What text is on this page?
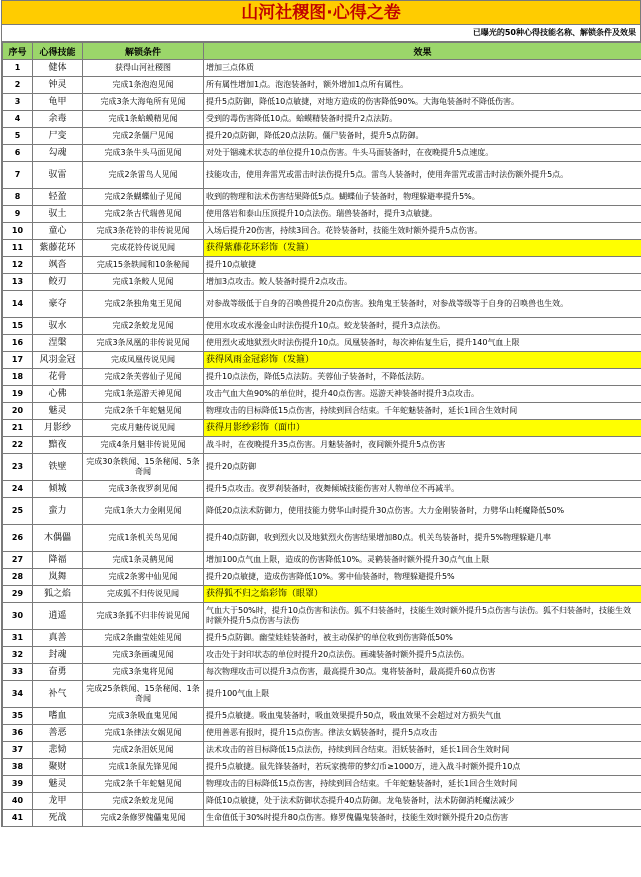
山河社稷图·心得之卷
已曝光的50种心得技能名称、解锁条件及效果
序号	心得技能	解锁条件	效果
1	健体	获得山河社稷图	增加三点体质
2	钟灵	完成1条泡泡见闻	所有属性增加1点。泡泡装备时，额外增加1点所有属性。
3	龟甲	完成3条大海龟所有见闻	提升5点防御，降低10点敏捷，对地方造成的伤害降低90%。大海龟装备时不降低伤害。
4	余毒	完成1条蛤蟆精见闻	受到的毒伤害降低10点。蛤蟆精装备时提升2点法防。
5	尸变	完成2条僵尸见闻	提升20点防御，降低20点法防。僵尸装备时，提升5点防御。
6	勾魂	完成3条牛头马面见闻	对处于锢魂术状态的单位提升10点伤害。牛头马面装备时，在夜晚提升5点速度。
7	驭雷	完成2条雷鸟人见闻	技能攻击，使用奔雷咒或雷击时法伤提升5点。雷鸟人装备时，使用奔雷咒或雷击时法伤额外提升5点。
8	轻盈	完成2条蝴蝶仙子见闻	收到的物理和法术伤害结果降低5点。蝴蝶仙子装备时，物理躲避率提升5%。
9	驭土	完成2条古代瑞兽见闻	使用落岩和泰山压顶提升10点法伤。瑞兽装备时，提升3点敏捷。
10	童心	完成3条花铃的非传说见闻	入场后提升20伤害，持续3回合。花铃装备时，技能生效时额外提升5点伤害。
11	紫藤花环	完成花铃传说见闻	获得紫藤花环彩饰（发箍）
12	飒沓	完成15条轶闻和10条秘闻	提升10点敏捷
13	鲛刃	完成1条鲛人见闻	增加3点攻击。鲛人装备时提升2点攻击。
14	豪夺	完成2条独角鬼王见闻	对参战等级低于自身的召唤兽提升20点伤害。独角鬼王装备时，对参战等级等于自身的召唤兽也生效。
15	驭水	完成2条蛟龙见闻	使用水攻或水漫金山时法伤提升10点。蛟龙装备时，提升3点法伤。
16	涅槃	完成3条凤凰的非传说见闻	使用烈火或地狱烈火时法伤提升10点。凤凰装备时，每次神佑复生后，提升140气血上限
17	风羽金冠	完成凤凰传说见闻	获得风雨金冠彩饰（发箍）
18	花骨	完成2条芙蓉仙子见闻	提升10点法伤，降低5点法防。芙蓉仙子装备时，不降低法防。
19	心佛	完成1条巡游天神见闻	攻击气血大鱼90%的单位时，提升40点伤害。巡游天神装备时提升3点攻击。
20	魅灵	完成2条千年蛇魅见闻	物理攻击的目标降低15点伤害，持续到回合结束。千年蛇魅装备时，延长1回合生效时间
21	月影纱	完成月魅传说见闻	获得月影纱彩饰（面巾）
22	黯夜	完成4条月魅非传说见闻	战斗时，在夜晚提升35点伤害。月魅装备时，夜间额外提升5点伤害
23	铁壁	完成30条轶闻、15条秘闻、5条奇闻	提升20点防御
24	倾城	完成3条夜罗刹见闻	提升5点攻击。夜罗刹装备时，夜舞倾城技能伤害对人物单位不再减半。
25	蛮力	完成1条大力金刚见闻	降低20点法术防御力，使用技能力劈华山时提升30点伤害。大力金刚装备时，力劈华山耗魔降低50%
26	木偶儡	完成1条机关鸟见闻	提升40点防御，收到烈火以及地狱烈火伤害结果增加80点。机关鸟装备时，提升5%物理躲避几率
27	降福	完成1条灵鹤见闻	增加100点气血上限，造成的伤害降低10%。灵鹤装备时额外提升30点气血上限
28	岚舞	完成2条雾中仙见闻	提升20点敏捷，造成伤害降低10%。雾中仙装备时，物理躲避提升5%
29	狐之焰	完成狐不归传说见闻	获得狐不归之焰彩饰（眼罩）
30	逍遥	完成3条狐不归非传说见闻	气血大于50%时，提升10点伤害和法伤。狐不归装备时，技能生效时额外提升5点伤害与法伤。狐不归装备时，技能生效时额外提升5点伤害与法伤
31	真善	完成2条幽莹娃娃见闻	提升5点防御。幽莹娃娃装备时，被主动保护的单位收到伤害降低50%
32	封魂	完成3条画魂见闻	攻击处于封印状态的单位时提升20点法伤。画魂装备时额外提升5点法伤。
33	奋勇	完成3条鬼将见闻	每次物理攻击可以提升3点伤害，最高提升30点。鬼将装备时，最高提升60点伤害
34	补气	完成25条轶闻、15条秘闻、1条奇闻	提升100气血上限
35	嗜血	完成3条吸血鬼见闻	提升5点敏捷。吸血鬼装备时，吸血效果提升50点，吸血效果不会超过对方损失气血
36	善恶	完成1条律法女娲见闻	使用善恶有报时，提升15点伤害。律法女娲装备时，提升5点攻击
37	悲恸	完成2条泪妖见闻	法术攻击的首目标降低15点法伤，持续到回合结束。泪妖装备时，延长1回合生效时间
38	聚财	完成1条鼠先锋见闻	提升5点敏捷。鼠先锋装备时，若玩家携带的梦幻币≥1000万，进入战斗时额外提升10点
39	魅灵	完成2条千年蛇魅见闻	物理攻击的目标降低15点伤害，持续到回合结束。千年蛇魅装备时，延长1回合生效时间
40	龙甲	完成2条蛟龙见闻	降低10点敏捷，处于法术防御状态提升40点防御。龙龟装备时，法术防御消耗魔法减少
41	死战	完成2条修罗傀儡鬼见闻	生命值低于30%时提升80点伤害。修罗傀儡鬼装备时，技能生效时额外提升20点伤害
